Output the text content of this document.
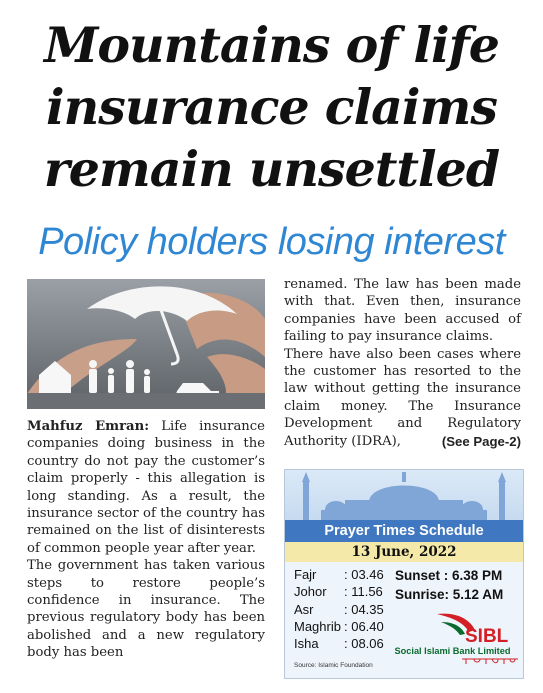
Mountains of life
insurance claims
remain unsettled
Policy holders losing interest

Mahfuz Emran: Life insurance companies doing business in the country do not pay the customer’s claim properly - this allegation is long standing. As a result, the insurance sector of the country has remained on the list of disinterests of common people year after year.

The government has taken various steps to restore people’s confidence in insurance. The previous regulatory body has been abolished and a new regulatory body has been

renamed. The law has been made with that. Even then, insurance companies have been accused of failing to pay insurance claims.

There have also been cases where the customer has resorted to the law without getting the insurance claim money. The Insurance Development and Regulatory Authority (IDRA),	(See Page-2)

Prayer Times Schedule
13 June, 2022
Fajr : 03.46
Johor : 11.56
Asr : 04.35
Maghrib : 06.40
Isha : 08.06
Sunset : 6.38 PM
Sunrise: 5.12 AM
SIBL
Social Islami Bank Limited
Source: Islamic Foundation
